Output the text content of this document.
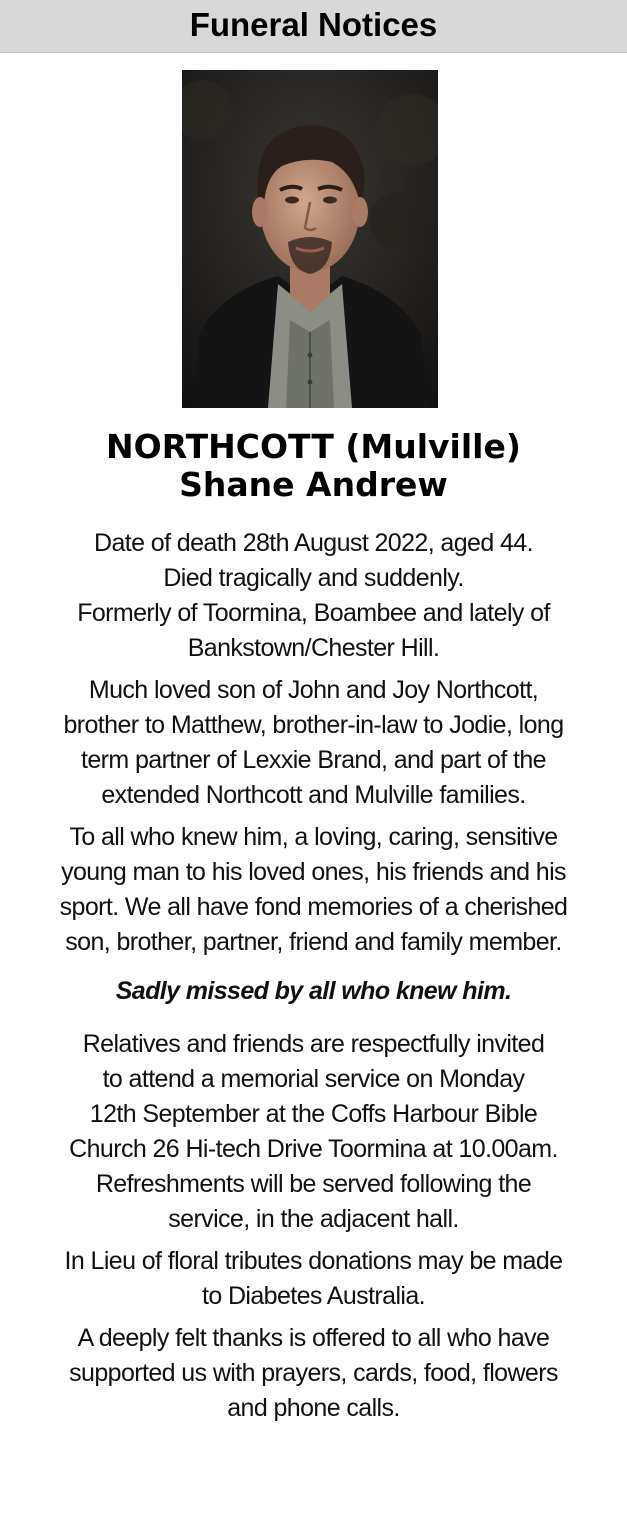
Funeral Notices
NORTHCOTT (Mulville)
Shane Andrew

Date of death 28th August 2022, aged 44.
Died tragically and suddenly.
Formerly of Toormina, Boambee and lately of
Bankstown/Chester Hill.

Much loved son of John and Joy Northcott,
brother to Matthew, brother-in-law to Jodie, long
term partner of Lexxie Brand, and part of the
extended Northcott and Mulville families.

To all who knew him, a loving, caring, sensitive
young man to his loved ones, his friends and his
sport. We all have fond memories of a cherished
son, brother, partner, friend and family member.

Sadly missed by all who knew him.

Relatives and friends are respectfully invited
to attend a memorial service on Monday
12th September at the Coffs Harbour Bible
Church 26 Hi-tech Drive Toormina at 10.00am.
Refreshments will be served following the
service, in the adjacent hall.

In Lieu of floral tributes donations may be made
to Diabetes Australia.

A deeply felt thanks is offered to all who have
supported us with prayers, cards, food, flowers
and phone calls.
